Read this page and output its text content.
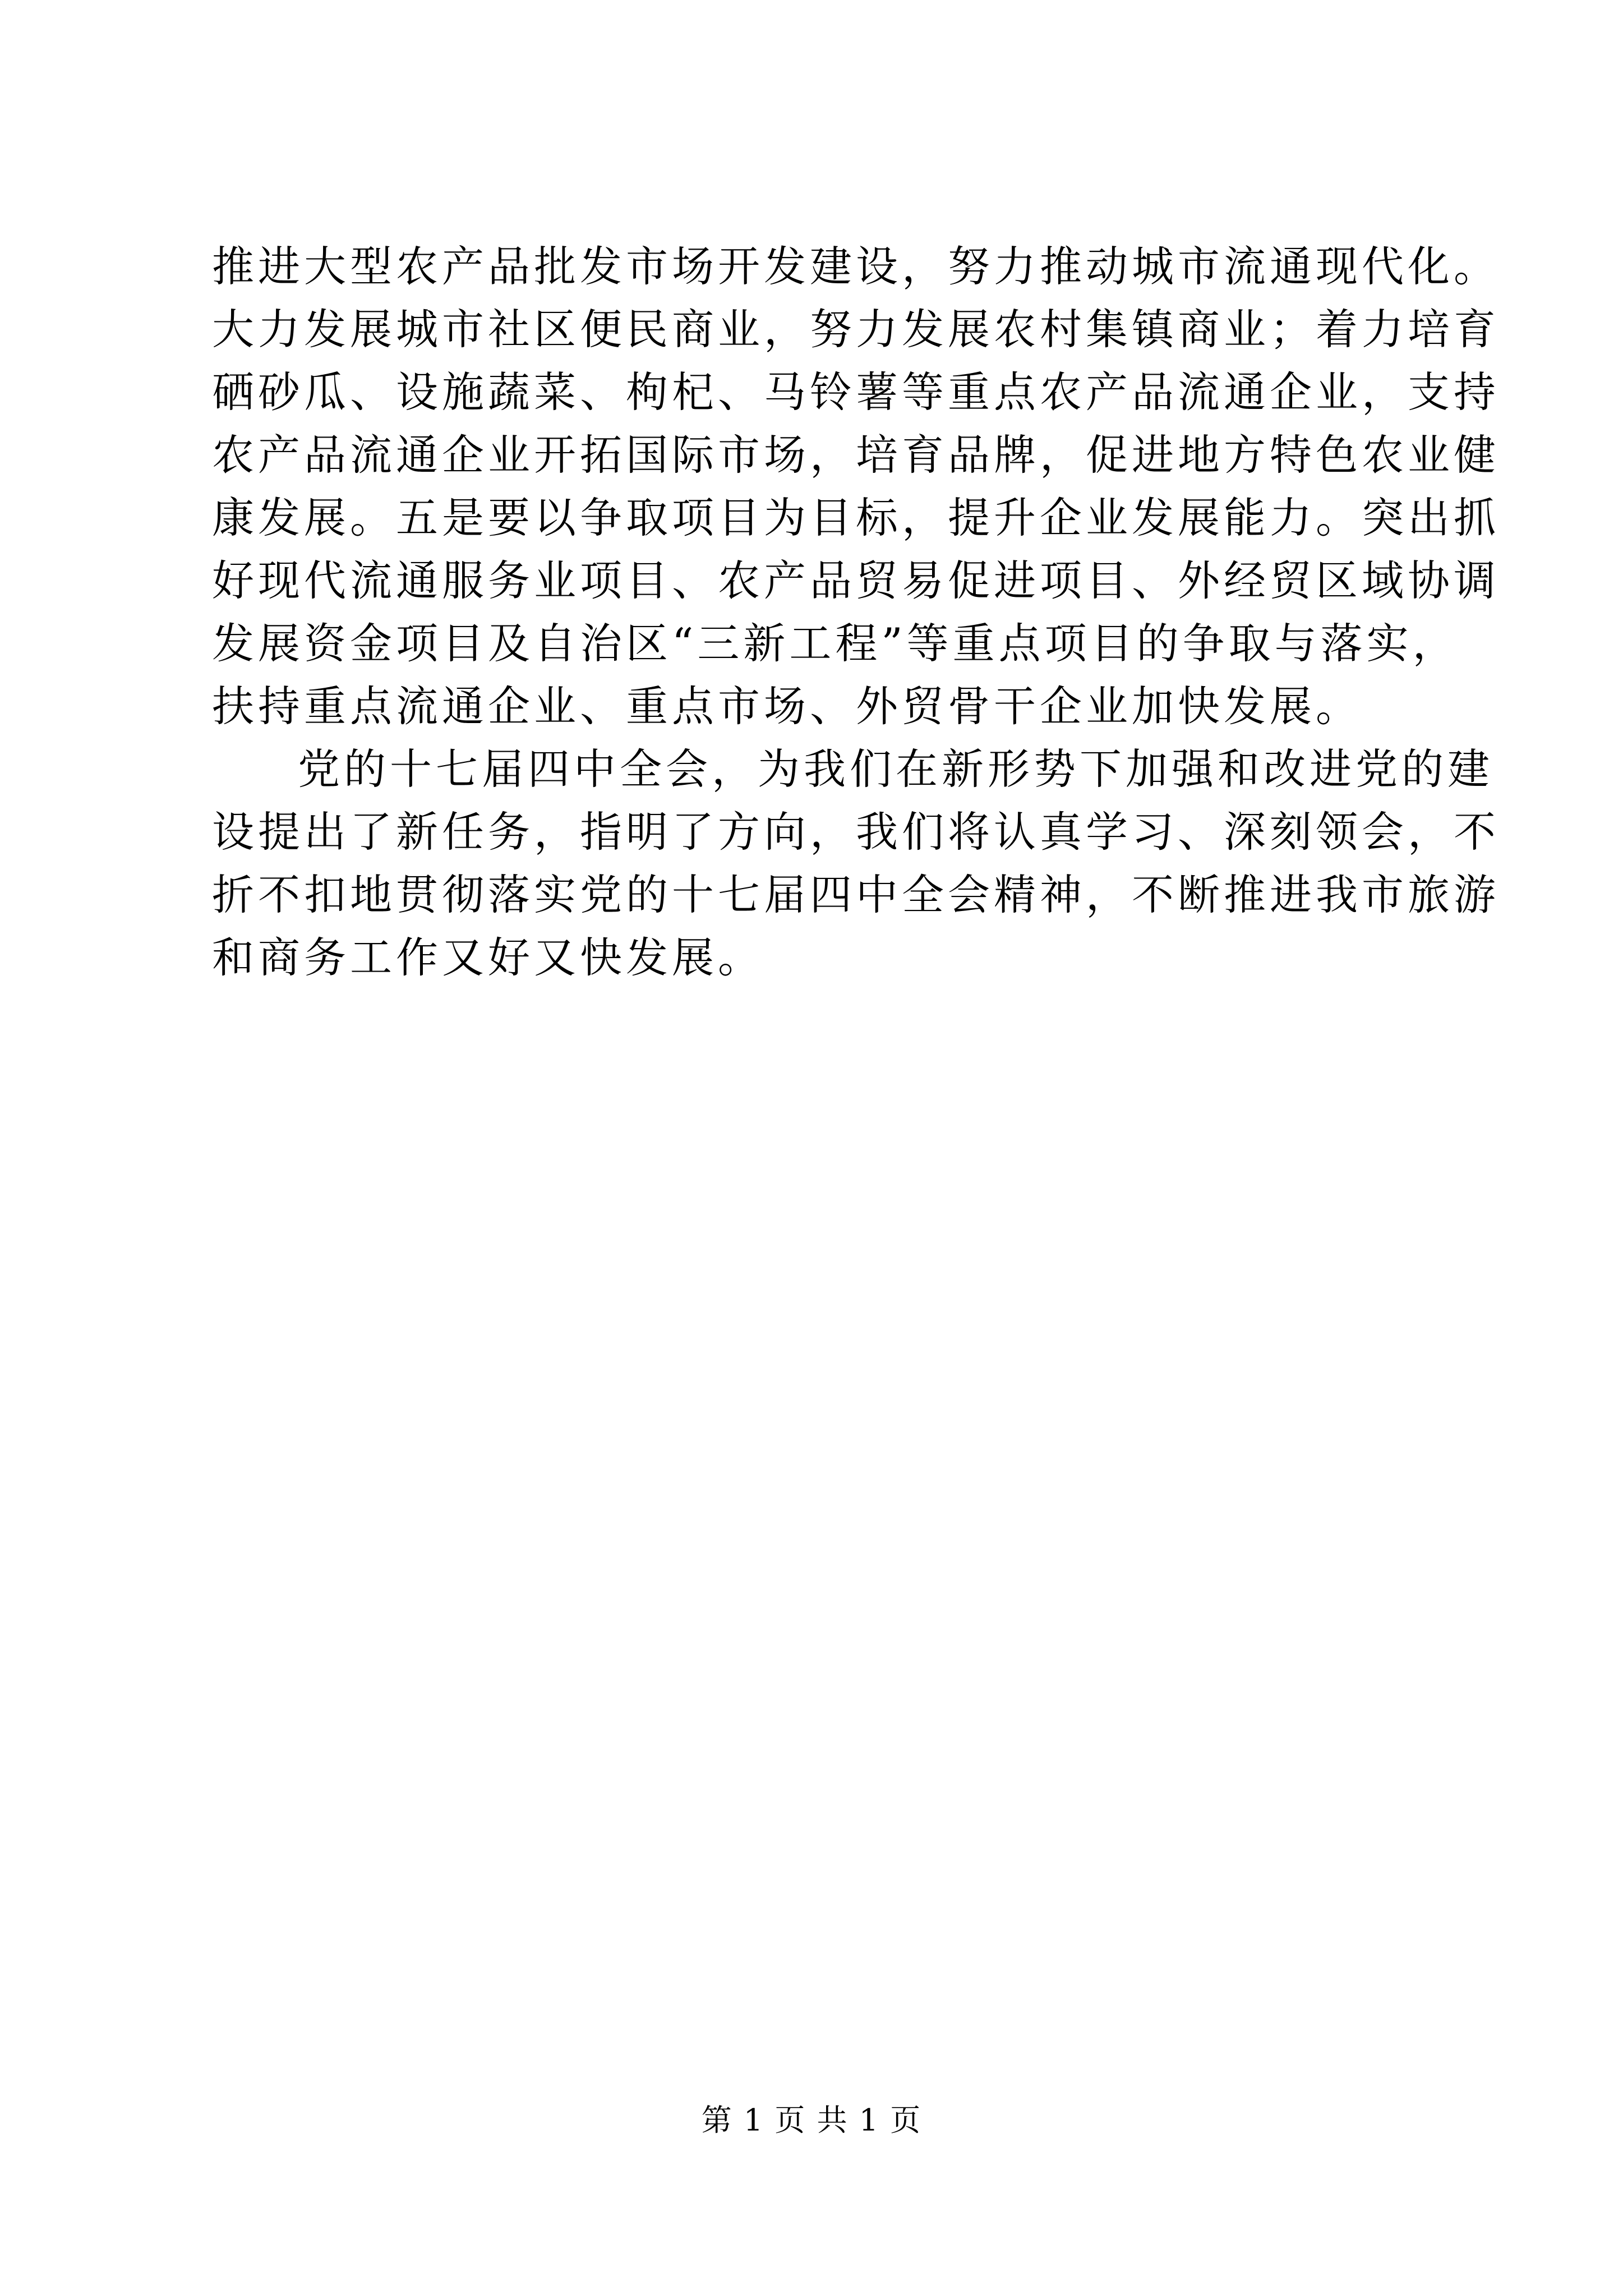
推进大型农产品批发市场开发建设，努力推动城市流通现代化。
大力发展城市社区便民商业，努力发展农村集镇商业；着力培育
硒砂瓜、设施蔬菜、枸杞、马铃薯等重点农产品流通企业，支持
农产品流通企业开拓国际市场，培育品牌，促进地方特色农业健
康发展。五是要以争取项目为目标，提升企业发展能力。突出抓
好现代流通服务业项目、农产品贸易促进项目、外经贸区域协调
发展资金项目及自治区“三新工程”等重点项目的争取与落实，
扶持重点流通企业、重点市场、外贸骨干企业加快发展。
党的十七届四中全会，为我们在新形势下加强和改进党的建
设提出了新任务，指明了方向，我们将认真学习、深刻领会，不
折不扣地贯彻落实党的十七届四中全会精神，不断推进我市旅游
和商务工作又好又快发展。
第 1 页 共 1 页
